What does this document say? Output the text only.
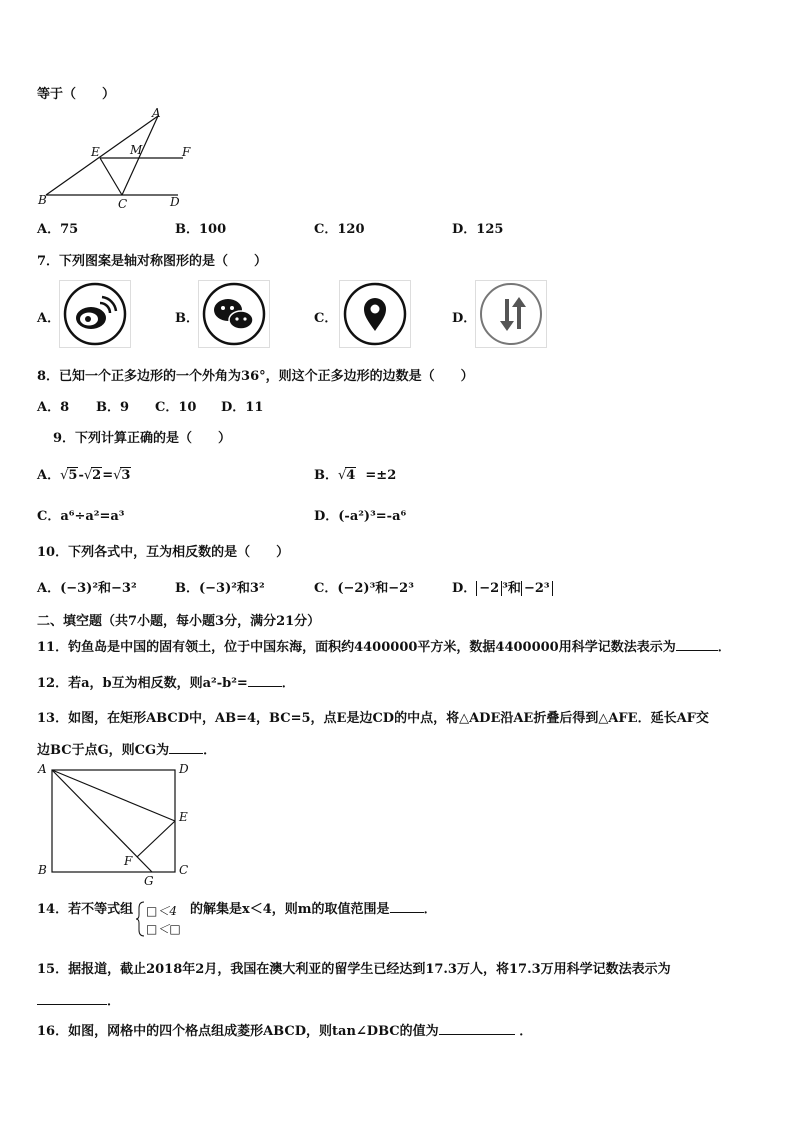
等于（　　）
A
E	M	F
B	C	D
A．75	B．100	C．120	D．125
7．下列图案是轴对称图形的是（　　）
A．	B．	C．	D．
8．已知一个正多边形的一个外角为36°，则这个正多边形的边数是（　　）
A．8 B．9 C．10 D．11
9．下列计算正确的是（　　）
A．√5-√2=√3	B．√4 =±2
C．a⁶÷a²=a³	D．(-a²)³=-a⁶
10．下列各式中，互为相反数的是（　　）
A．(−3)²和−3²	B．(−3)²和3²	C．(−2)³和−2³	D． −2 ³和 −2³
二、填空题（共7小题，每小题3分，满分21分）
11．钓鱼岛是中国的固有领土，位于中国东海，面积约4400000平方米，数据4400000用科学记数法表示为	．
12．若a，b互为相反数，则a²-b²=	．
13．如图，在矩形ABCD中，AB=4，BC=5，点E是边CD的中点，将△ADE沿AE折叠后得到△AFE．延长AF交
边BC于点G，则CG为	．
A	D
E
F
B
G
C
14．若不等式组 □＜4
□＜□
的解集是x＜4，则m的取值范围是	．
15．据报道，截止2018年2月，我国在澳大利亚的留学生已经达到17.3万人，将17.3万用科学记数法表示为
．
16．如图，网格中的四个格点组成菱形ABCD，则tan∠DBC的值为	．
